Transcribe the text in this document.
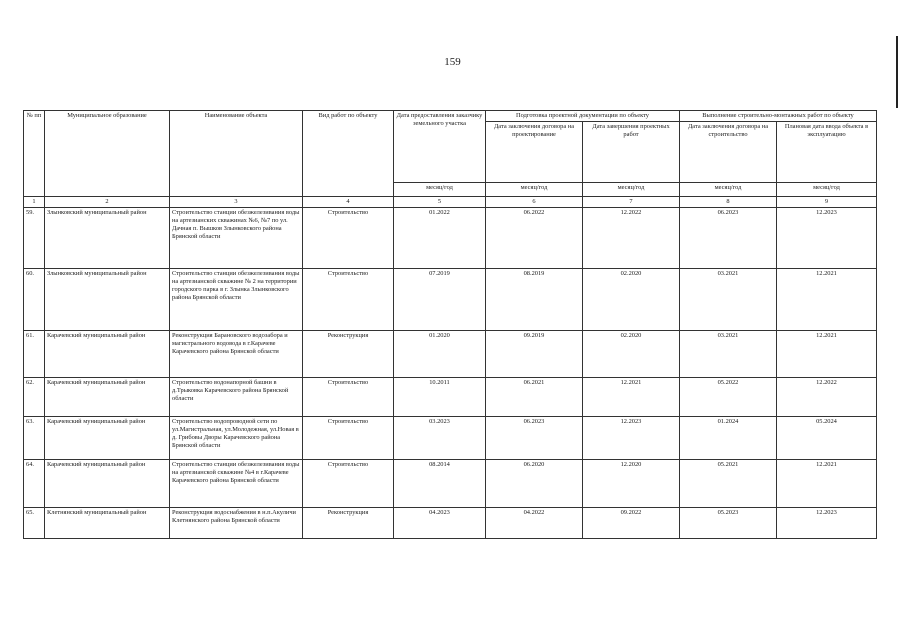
159
№ пп	Муниципальное образование	Наименование объекта	Вид работ по объекту	Дата предоставления заказчику земельного участка	Подготовка проектной документации по объекту		Выполнение строительно-монтажных работ по объекту	
					Дата заключения договора на проектирование	Дата завершения проектных работ	Дата заключения договора на строительство	Плановая дата ввода объекта в эксплуатацию
				месяц/год	месяц/год	месяц/год	месяц/год	месяц/год
1	2	3	4	5	6	7	8	9
59.	Злынковский муниципальный район	Строительство станции обезжелезивания воды на артезианских скважинах №6, №7 по ул. Дачная п. Вышков Злынковского района Брянской области	Строительство	01.2022	06.2022	12.2022	06.2023	12.2023
60.	Злынковский муниципальный район	Строительство станции обезжелезивания воды на артезианской скважине № 2 на территории городского парка в г. Злынка Злынковского района Брянской области	Строительство	07.2019	08.2019	02.2020	03.2021	12.2021
61.	Карачевский муниципальный район	Реконструкция Барановского водозабора и магистрального водовода в г.Карачеве Карачевского района Брянской области	Реконструкция	01.2020	09.2019	02.2020	03.2021	12.2021
62.	Карачевский муниципальный район	Строительство водонапорной башни в д.Трыковка Карачевского района Брянской области	Строительство	10.2011	06.2021	12.2021	05.2022	12.2022
63.	Карачевский муниципальный район	Строительство водопроводной сети по ул.Магистральная, ул.Молодежная, ул.Новая в д. Грибовы Дворы Карачевского района Брянской области	Строительство	03.2023	06.2023	12.2023	01.2024	05.2024
64.	Карачевский муниципальный район	Строительство станции обезжелезивания воды на артезианской скважине №4 в г.Карачеве Карачевского района Брянской области	Строительство	08.2014	06.2020	12.2020	05.2021	12.2021
65.	Клетнянский муниципальный район	Реконструкция водоснабжения в н.п.Акуличи Клетнянского района Брянской области	Реконструкция	04.2023	04.2022	09.2022	05.2023	12.2023
